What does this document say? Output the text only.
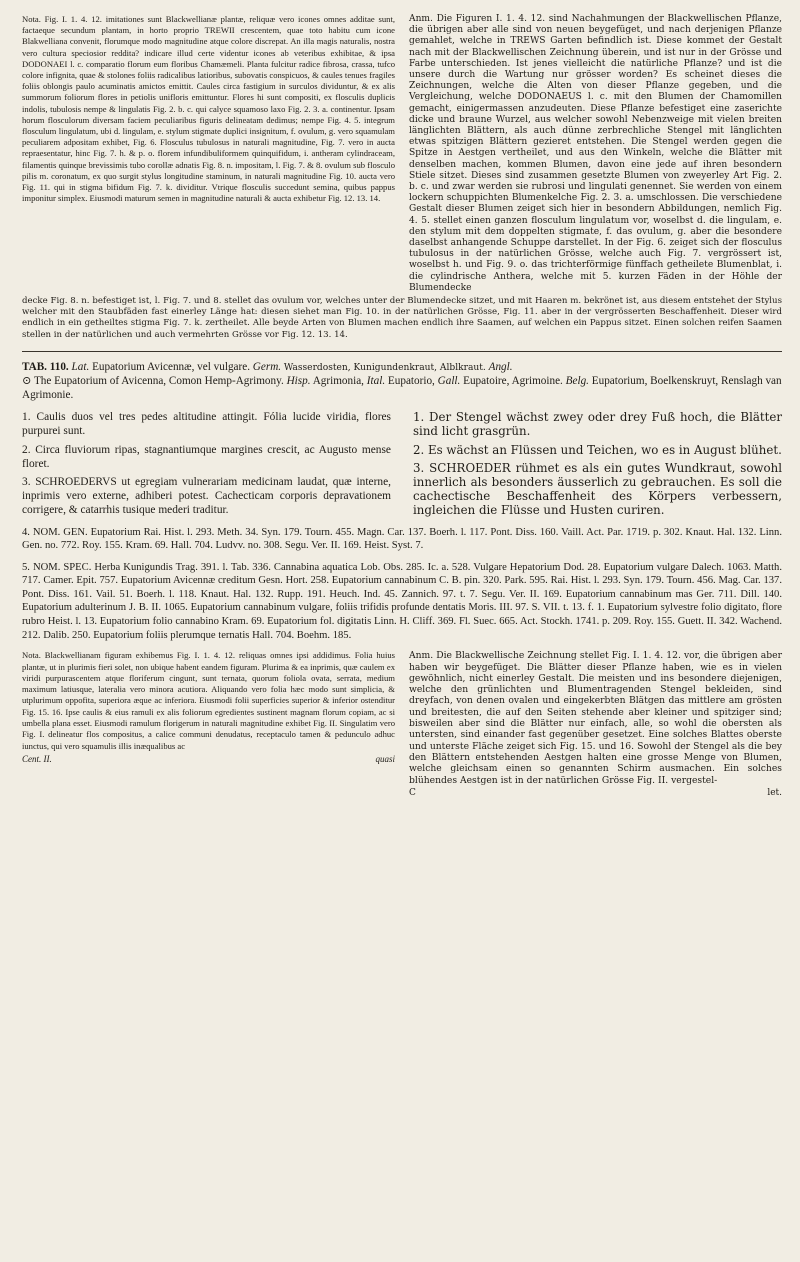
Nota. Fig. I. 1. 4. 12. imitationes sunt Blackwellianæ plantæ, reliquæ vero icones omnes additae sunt, factaeque secundum plantam, in horto proprio TREWII crescentem, quae toto habitu cum icone Blakwelliana convenit, florumque modo magnitudine atque colore discrepat. An illa magis naturalis, nostra vero cultura speciosior reddita? indicare illud certe videntur icones ab veteribus exhibitae, & ipsa DODONAEI l. c. comparatio florum eum floribus Chamæmeli. Planta fulcitur radice fibrosa, crassa, tufco colore infignita, quae & stolones foliis radicalibus latioribus, subovatis conspicuos, & caules tenues fragiles foliis oblongis paulo acuminatis amictos emittit. Caules circa fastigium in surculos dividuntur, & ex alis summorum foliorum flores in petiolis unifloris emittuntur. Flores hi sunt compositi, ex flosculis duplicis indolis, tubulosis nempe & lingulatis Fig. 2. b. c. qui calyce squamoso laxo Fig. 2. 3. a. continentur. Ipsam horum flosculorum diversam faciem peculiaribus figuris delineatam dedimus; nempe Fig. 4. 5. integrum flosculum lingulatum, ubi d. lingulam, e. stylum stigmate duplici insignitum, f. ovulum, g. vero squamulam peculiarem adpositam exhibet, Fig. 6. Flosculus tubulosus in naturali magnitudine, Fig. 7. vero in aucta repraesentatur, hinc Fig. 7. h. & p. o. florem infundibuliformem quinquifidum, i. antheram cylindraceam, filamentis quinque brevissimis tubo corollæ adnatis Fig. 8. n. impositam, l. Fig. 7. & 8. ovulum sub flosculo pilis m. coronatum, ex quo surgit stylus longitudine staminum, in naturali magnitudine Fig. 10. aucta vero Fig. 11. qui in stigma bifidum Fig. 7. k. dividitur. Vtrique flosculis succedunt semina, quibus pappus imponitur simplex. Eiusmodi maturum semen in magnitudine naturali & aucta exhibetur Fig. 12. 13. 14.
Anm. Die Figuren I. 1. 4. 12. sind Nachahmungen der Blackwellischen Pflanze, die übrigen aber alle sind von neuen beygefüget, und nach derjenigen Pflanze gemahlet, welche in TREWS Garten befindlich ist. Diese kommet der Gestalt nach mit der Blackwellischen Zeichnung überein, und ist nur in der Grösse und Farbe unterschieden. Ist jenes vielleicht die natürliche Pflanze? und ist die unsere durch die Wartung nur grösser worden? Es scheinet dieses die Zeichnungen, welche die Alten von dieser Pflanze gegeben, und die Vergleichung, welche DODONAEUS l. c. mit den Blumen der Chamomillen gemacht, einigermassen anzudeuten. Diese Pflanze befestiget eine zaserichte dicke und braune Wurzel, aus welcher sowohl Nebenzweige mit vielen breiten länglichten Blättern, als auch dünne zerbrechliche Stengel mit länglichten etwas spitzigen Blättern gezieret entstehen. Die Stengel werden gegen die Spitze in Aestgen vertheilet, und aus den Winkeln, welche die Blätter mit denselben machen, kommen Blumen, davon eine jede auf ihren besondern Stiele sitzet. Dieses sind zusammen gesetzte Blumen von zweyerley Art Fig. 2. b. c. und zwar werden sie rubrosi und lingulati genennet. Sie werden von einem lockern schuppichten Blumenkelche Fig. 2. 3. a. umschlossen. Die verschiedene Gestalt dieser Blumen zeiget sich hier in besondern Abbildungen, nemlich Fig. 4. 5. stellet einen ganzen flosculum lingulatum vor, woselbst d. die lingulam, e. den stylum mit dem doppelten stigmate, f. das ovulum, g. aber die besondere daselbst anhangende Schuppe darstellet. In der Fig. 6. zeiget sich der flosculus tubulosus in der natürlichen Grösse, welche auch Fig. 7. vergrössert ist, woselbst h. und Fig. 9. o. das trichterförmige fünffach getheilete Blumenblat, i. die cylindrische Anthera, welche mit 5. kurzen Fäden in der Höhle der Blumendecke
decke Fig. 8. n. befestiget ist, l. Fig. 7. und 8. stellet das ovulum vor, welches unter der Blumendecke sitzet, und mit Haaren m. bekrönet ist, aus diesem entstehet der Stylus welcher mit den Staubfäden fast einerley Länge hat: diesen siehet man Fig. 10. in der natürlichen Grösse, Fig. 11. aber in der vergrösserten Beschaffenheit. Dieser wird endlich in ein getheiltes stigma Fig. 7. k. zertheilet. Alle beyde Arten von Blumen machen endlich ihre Saamen, auf welchen ein Pappus sitzet. Einen solchen reifen Saamen stellen in der natürlichen und auch vermehrten Grösse vor Fig. 12. 13. 14.
TAB. 110. Lat. Eupatorium Avicennæ, vel vulgare. Germ. Wasserdosten, Kunigundenkraut, Alblkraut. Angl.
⊙ The Eupatorium of Avicenna, Comon Hemp-Agrimony. Hisp. Agrimonia, Ital. Eupatorio, Gall. Eupatoire, Agrimoine. Belg. Eupatorium, Boelkenskruyt, Renslagh van Agrimonie.

1. Caulis duos vel tres pedes altitudine attingit. Fólia lucide viridia, flores purpurei sunt.

2. Circa fluviorum ripas, stagnantiumque margines crescit, ac Augusto mense floret.

3. SCHROEDERVS ut egregiam vulnerariam medicinam laudat, quæ interne, inprimis vero externe, adhiberi potest. Cachecticam corporis depravationem corrigere, & catarrhis tusique mederi traditur.

1. Der Stengel wächst zwey oder drey Fuß hoch, die Blätter sind licht grasgrün.

2. Es wächst an Flüssen und Teichen, wo es in August blühet.

3. SCHROEDER rühmet es als ein gutes Wundkraut, sowohl innerlich als besonders äusserlich zu gebrauchen. Es soll die cachectische Beschaffenheit des Körpers verbessern, ingleichen die Flüsse und Husten curiren.

4. NOM. GEN. Eupatorium Rai. Hist. l. 293. Meth. 34. Syn. 179. Tourn. 455. Magn. Car. 137. Boerh. l. 117. Pont. Diss. 160. Vaill. Act. Par. 1719. p. 302. Knaut. Hal. 132. Linn. Gen. no. 772. Roy. 155. Kram. 69. Hall. 704. Ludvv. no. 308. Segu. Ver. II. 169. Heist. Syst. 7.
5. NOM. SPEC. Herba Kunigundis Trag. 391. l. Tab. 336. Cannabina aquatica Lob. Obs. 285. Ic. a. 528. Vulgare Hepatorium Dod. 28. Eupatorium vulgare Dalech. 1063. Matth. 717. Camer. Epit. 757. Eupatorium Avicennæ creditum Gesn. Hort. 258. Eupatorium cannabinum C. B. pin. 320. Park. 595. Rai. Hist. l. 293. Syn. 179. Tourn. 456. Mag. Car. 137. Pont. Diss. 161. Vail. 51. Boerh. l. 118. Knaut. Hal. 132. Rupp. 191. Heuch. Ind. 45. Zannich. 97. t. 7. Segu. Ver. II. 169. Eupatorium cannabinum mas Ger. 711. Dill. 140. Eupatorium adulterinum J. B. II. 1065. Eupatorium cannabinum vulgare, foliis trifidis profunde dentatis Moris. III. 97. S. VII. t. 13. f. 1. Eupatorium sylvestre folio digitato, flore rubro Heist. l. 13. Eupatorium folio cannabino Kram. 69. Eupatorium fol. digitatis Linn. H. Cliff. 369. Fl. Suec. 665. Act. Stockh. 1741. p. 209. Roy. 155. Guett. II. 342. Wachend. 212. Dalib. 250. Eupatorium foliis plerumque ternatis Hall. 704. Boehm. 185.
Nota. Blackwellianam figuram exhibemus Fig. I. 1. 4. 12. reliquas omnes ipsi addidimus. Folia huius plantæ, ut in plurimis fieri solet, non ubique habent eandem figuram. Plurima & ea inprimis, quæ caulem ex viridi purpurascentem atque floriferum cingunt, sunt ternata, quorum foliola ovata, serrata, medium maximum latiusque, lateralia vero minora acutiora. Aliquando vero folia hæc modo sunt simplicia, & utplurimum oppofita, superiora æque ac inferiora. Eiusmodi folii superficies superior & inferior ostenditur Fig. 15. 16. Ipse caulis & eius ramuli ex alis foliorum egredientes sustinent magnam florum copiam, ac si umbella plana esset. Eiusmodi ramulum florigerum in naturali magnitudine exhibet Fig. II. Singulatim vero Fig. I. delineatur flos compositus, a calice communi denudatus, receptaculo tamen & pedunculo adhuc iunctus, qui vero squamulis illis inæqualibus ac
Cent. II.	quasi
Anm. Die Blackwellische Zeichnung stellet Fig. I. 1. 4. 12. vor, die übrigen aber haben wir beygefüget. Die Blätter dieser Pflanze haben, wie es in vielen gewöhnlich, nicht einerley Gestalt. Die meisten und ins besondere diejenigen, welche den grünlichten und Blumentragenden Stengel bekleiden, sind dreyfach, von denen ovalen und eingekerbten Blätgen das mittlere am grösten und breitesten, die auf den Seiten stehende aber kleiner und spitziger sind; bisweilen aber sind die Blätter nur einfach, alle, so wohl die obersten als untersten, sind einander fast gegenüber gesetzet. Eine solches Blattes oberste und unterste Fläche zeiget sich Fig. 15. und 16. Sowohl der Stengel als die bey den Blättern entstehenden Aestgen halten eine grosse Menge von Blumen, welche gleichsam einen so genannten Schirm ausmachen. Ein solches blühendes Aestgen ist in der natürlichen Grösse Fig. II. vergestel-
C	let.
